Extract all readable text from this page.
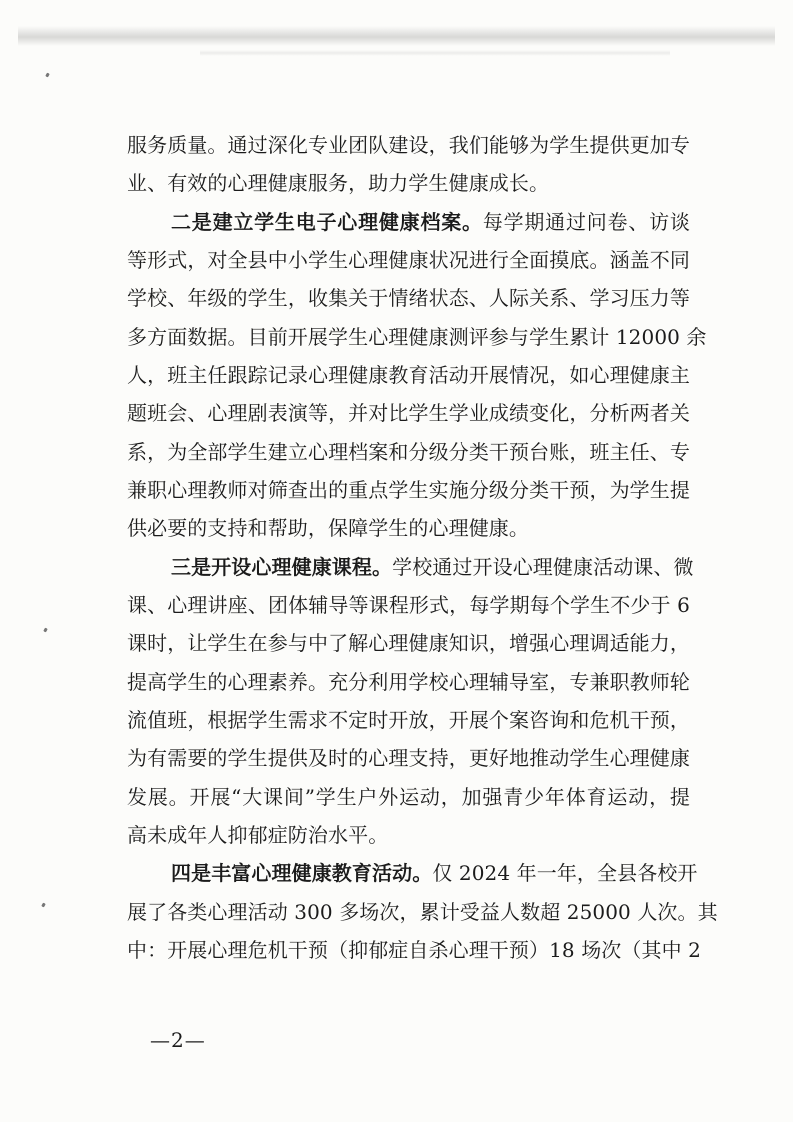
服务质量。通过深化专业团队建设，我们能够为学生提供更加专
业、有效的心理健康服务，助力学生健康成长。

二是建立学生电子心理健康档案。每学期通过问卷、访谈
等形式，对全县中小学生心理健康状况进行全面摸底。涵盖不同
学校、年级的学生，收集关于情绪状态、人际关系、学习压力等
多方面数据。目前开展学生心理健康测评参与学生累计 12000 余
人，班主任跟踪记录心理健康教育活动开展情况，如心理健康主
题班会、心理剧表演等，并对比学生学业成绩变化，分析两者关
系，为全部学生建立心理档案和分级分类干预台账，班主任、专
兼职心理教师对筛查出的重点学生实施分级分类干预，为学生提
供必要的支持和帮助，保障学生的心理健康。

三是开设心理健康课程。学校通过开设心理健康活动课、微
课、心理讲座、团体辅导等课程形式，每学期每个学生不少于 6
课时，让学生在参与中了解心理健康知识，增强心理调适能力，
提高学生的心理素养。充分利用学校心理辅导室，专兼职教师轮
流值班，根据学生需求不定时开放，开展个案咨询和危机干预，
为有需要的学生提供及时的心理支持，更好地推动学生心理健康
发展。开展“大课间”学生户外运动，加强青少年体育运动，提
高未成年人抑郁症防治水平。

四是丰富心理健康教育活动。仅 2024 年一年，全县各校开
展了各类心理活动 300 多场次，累计受益人数超 25000 人次。其
中：开展心理危机干预（抑郁症自杀心理干预）18 场次（其中 2

—2—
